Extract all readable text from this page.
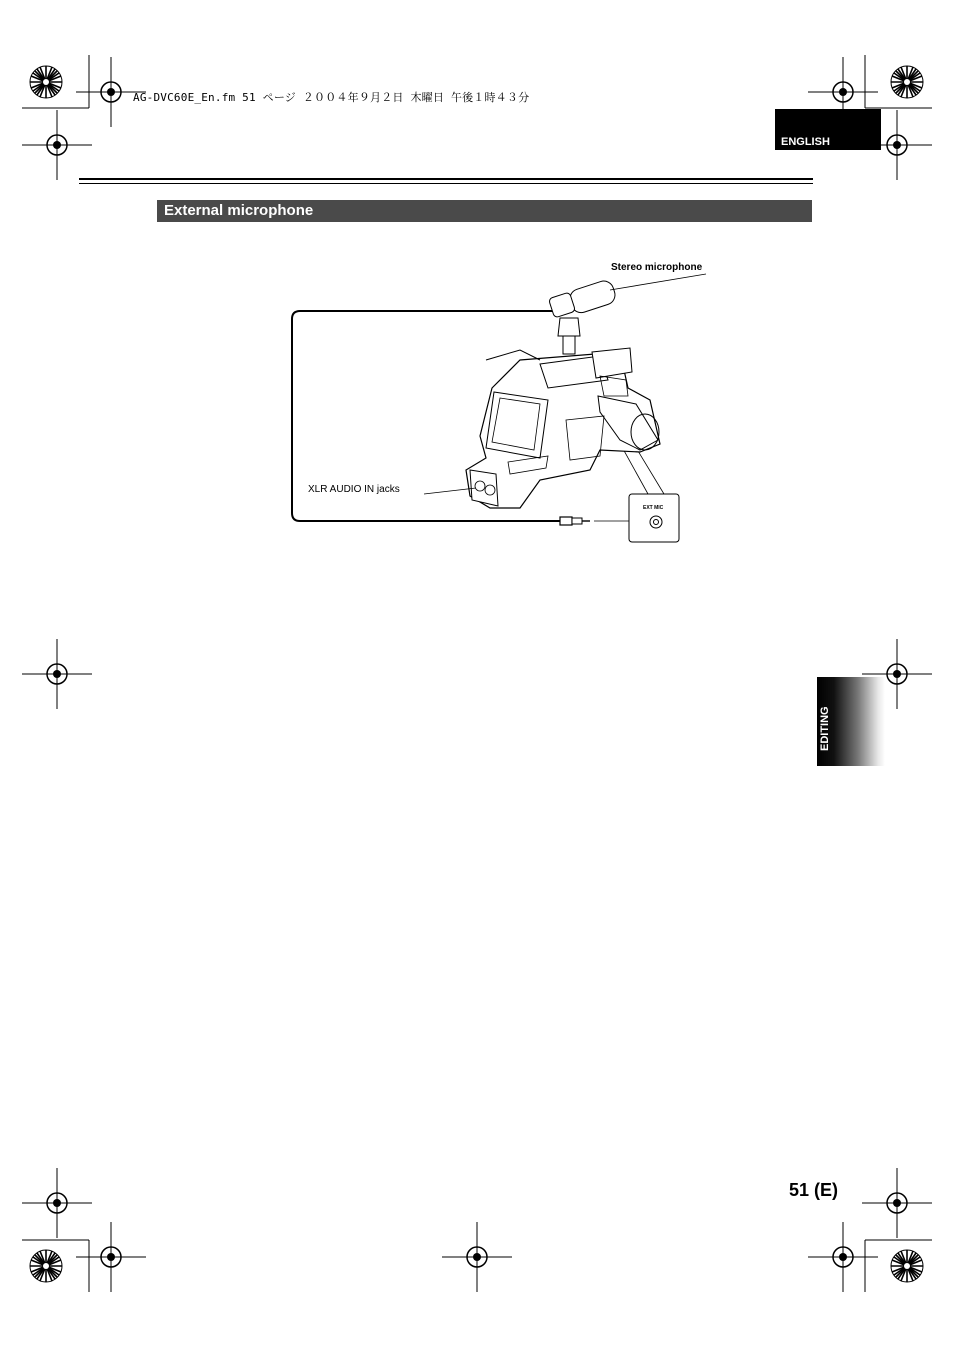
AG-DVC60E_En.fm 51 ページ ２００４年９月２日 木曜日 午後１時４３分
ENGLISH
External microphone
Stereo microphone
XLR AUDIO IN jacks
EXT MIC
EDITING
51 (E)
